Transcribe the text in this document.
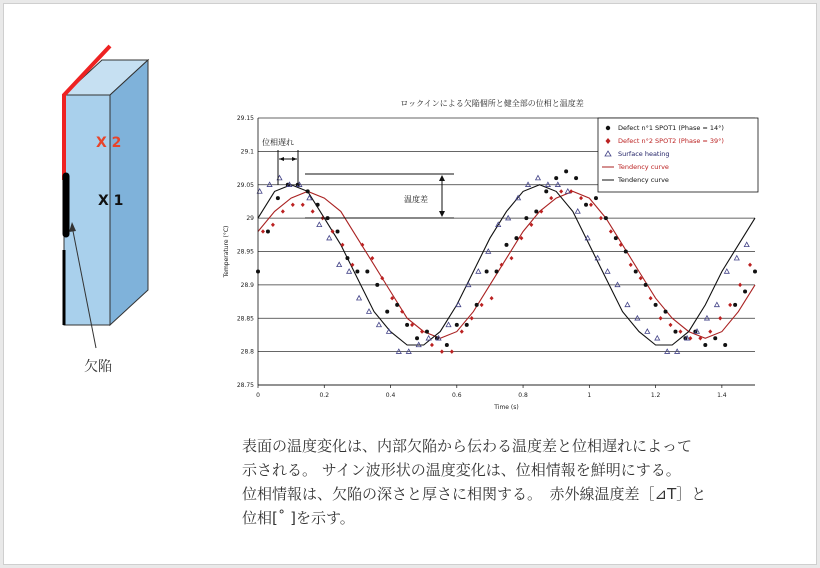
X 2
X 1
欠陥
ロックインによる欠陥個所と健全部の位相と温度差
28.75
28.8
28.85
28.9
28.95
29
29.05
29.1
29.15
0	0.2	0.4	0.6	0.8	1	1.2	1.4
Time (s)
Temperature (°C)
位相遅れ
温度差
Defect n°1 SPOT1 (Phase = 14°)
Defect n°2 SPOT2 (Phase = 39°)
Surface heating
Tendency curve
Tendency curve
表面の温度変化は、内部欠陥から伝わる温度差と位相遅れによって
示される。 サイン波形状の温度変化は、位相情報を鮮明にする。
位相情報は、欠陥の深さと厚さに相関する。　赤外線温度差［⊿T］と
位相[˚ ]を示す。
